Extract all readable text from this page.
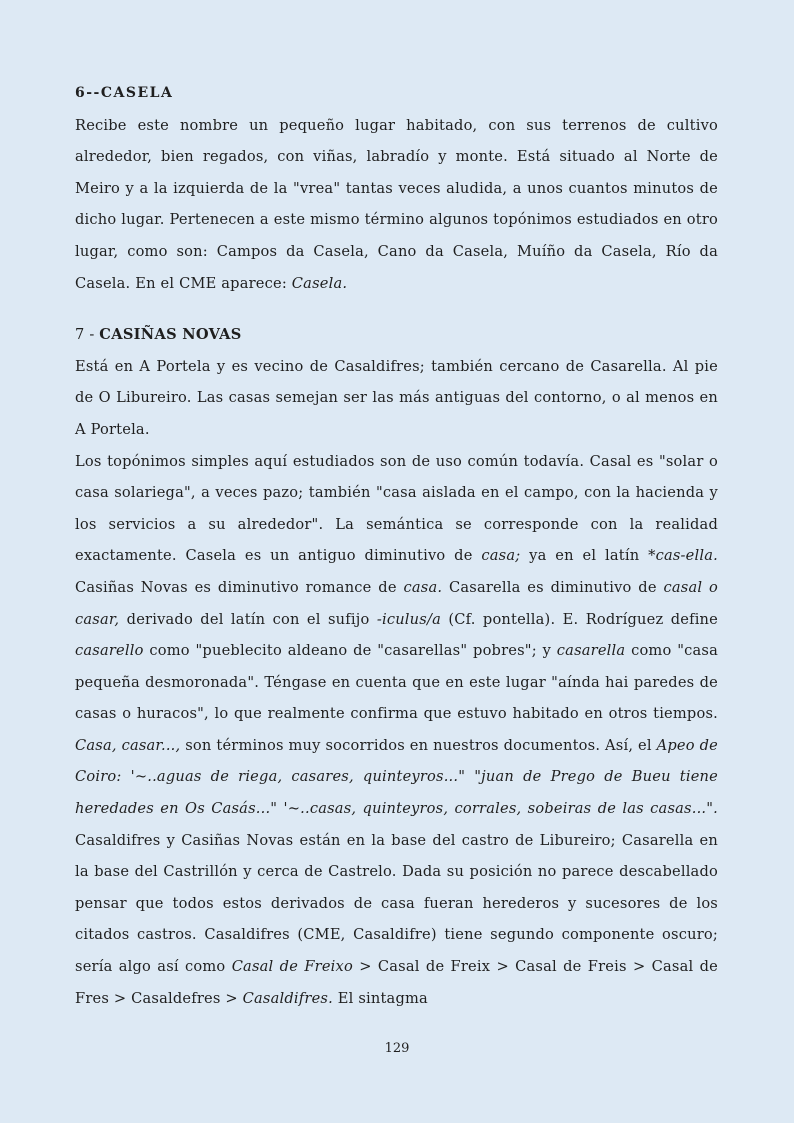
6--CASELA

Recibe este nombre un pequeño lugar habitado, con sus terrenos de cultivo alrededor, bien regados, con viñas, labradío y monte. Está situado al Norte de Meiro y a la izquierda de la "vrea" tantas veces aludida, a unos cuantos minutos de dicho lugar. Pertenecen a este mismo término algunos topónimos estudiados en otro lugar, como son: Campos da Casela, Cano da Casela, Muíño da Casela, Río da Casela. En el CME aparece: Casela.

7 - CASIÑAS NOVAS

Está en A Portela y es vecino de Casaldifres; también cercano de Casarella. Al pie de O Libureiro. Las casas semejan ser las más antiguas del contorno, o al menos en A Portela.

Los topónimos simples aquí estudiados son de uso común todavía. Casal es "solar o casa solariega", a veces pazo; también "casa aislada en el campo, con la hacienda y los servicios a su alrededor". La semántica se corresponde con la realidad exactamente. Casela es un antiguo diminutivo de casa; ya en el latín *cas-ella. Casiñas Novas es diminutivo romance de casa. Casarella es diminutivo de casal o casar, derivado del latín con el sufijo -iculus/a (Cf. pontella). E. Rodríguez define casarello como "pueblecito aldeano de "casarellas" pobres"; y casarella como "casa pequeña desmoronada". Téngase en cuenta que en este lugar "aínda hai paredes de casas o huracos", lo que realmente confirma que estuvo habitado en otros tiempos. Casa, casar..., son términos muy socorridos en nuestros documentos. Así, el Apeo de Coiro: '~..aguas de riega, casares, quinteyros..." "juan de Prego de Bueu tiene heredades en Os Casás..." '~..casas, quinteyros, corrales, sobeiras de las casas...". Casaldifres y Casiñas Novas están en la base del castro de Libureiro; Casarella en la base del Castrillón y cerca de Castrelo. Dada su posición no parece descabellado pensar que todos estos derivados de casa fueran herederos y sucesores de los citados castros. Casaldifres (CME, Casaldifre) tiene segundo componente oscuro; sería algo así como Casal de Freixo > Casal de Freix > Casal de Freis > Casal de Fres > Casaldefres > Casaldifres. El sintagma

129
